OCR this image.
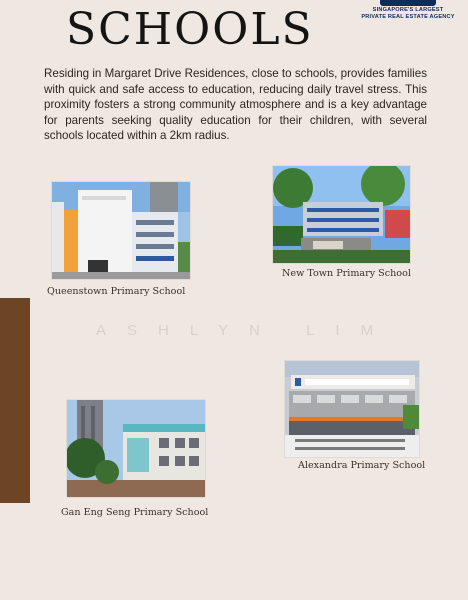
SCHOOLS	SINGAPORE'S LARGEST
PRIVATE REAL ESTATE AGENCY

Residing in Margaret Drive Residences, close to schools, provides families with quick and safe access to education, reducing daily travel stress. This proximity fosters a strong community atmosphere and is a key advantage for parents seeking quality education for their children, with several schools located within a 2km radius.

ASHLYN LIM

Queenstown Primary School

New Town Primary School

Alexandra Primary School

Gan Eng Seng Primary School
